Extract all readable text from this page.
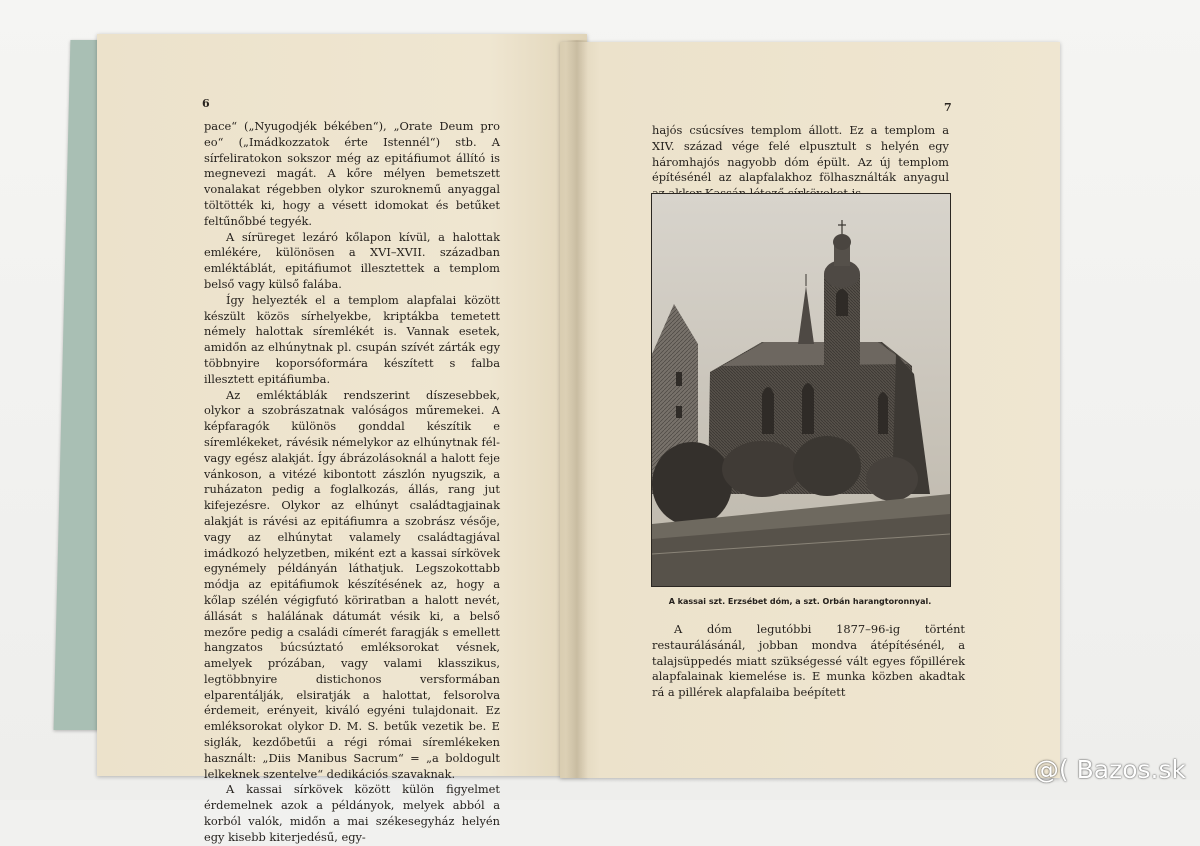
6	7

pace“ („Nyugodjék békében“), „Orate Deum pro eo“ („Imádkozzatok érte Istennél“) stb. A sírfeliratokon sokszor még az epitáfiumot állító is megnevezi magát. A kőre mélyen bemetszett vonalakat régebben olykor szuroknemű anyaggal töltötték ki, hogy a vésett idomokat és betűket feltűnőbbé tegyék.

A sírüreget lezáró kőlapon kívül, a halottak emlékére, különösen a XVI–XVII. században emléktáblát, epitáfiumot illesztettek a templom belső vagy külső falába.

Így helyezték el a templom alapfalai között készült közös sírhelyekbe, kriptákba temetett némely halottak síremlékét is. Vannak esetek, amidőn az elhúnytnak pl. csupán szívét zárták egy többnyire koporsóformára készített s falba illesztett epitáfiumba.

Az emléktáblák rendszerint díszesebbek, olykor a szobrászatnak valóságos műremekei. A képfaragók különös gonddal készítik e síremlékeket, rávésik némelykor az elhúnytnak fél- vagy egész alakját. Így ábrázolásoknál a halott feje vánkoson, a vitézé kibontott zászlón nyugszik, a ruházaton pedig a foglalkozás, állás, rang jut kifejezésre. Olykor az elhúnyt családtagjainak alakját is rávési az epitáfiumra a szobrász vésője, vagy az elhúnytat valamely családtagjával imádkozó helyzetben, miként ezt a kassai sírkövek egynémely példányán láthatjuk. Legszokottabb módja az epitáfiumok készítésének az, hogy a kőlap szélén végigfutó köriratban a halott nevét, állását s halálának dátumát vésik ki, a belső mezőre pedig a családi címerét faragják s emellett hangzatos búcsúztató emléksorokat vésnek, amelyek prózában, vagy valami klasszikus, legtöbbnyire distichonos versformában elparentálják, elsiratják a halottat, felsorolva érdemeit, erényeit, kiváló egyéni tulajdonait. Ez emléksorokat olykor D. M. S. betűk vezetik be. E siglák, kezdőbetűi a régi római síremlékeken használt: „Diis Manibus Sacrum“ = „a boldogult lelkeknek szentelve“ dedikációs szavaknak.

A kassai sírkövek között külön figyelmet érdemelnek azok a példányok, melyek abból a korból valók, midőn a mai székesegyház helyén egy kisebb kiterjedésű, egy-

hajós csúcsíves templom állott. Ez a templom a XIV. század vége felé elpusztult s helyén egy háromhajós nagyobb dóm épült. Az új templom építésénél az alapfalakhoz fölhasználták anyagul

A kassai szt. Erzsébet dóm, a szt. Orbán harangtoronnyal.

A dóm legutóbbi 1877–96-ig történt restaurálásánál, jobban mondva átépítésénél, a talajsüppedés miatt szükségessé vált egyes főpillérek alapfalainak kiemelése is. E munka közben akadtak rá a pillérek alapfalaiba beépített

@( Bazos.sk
